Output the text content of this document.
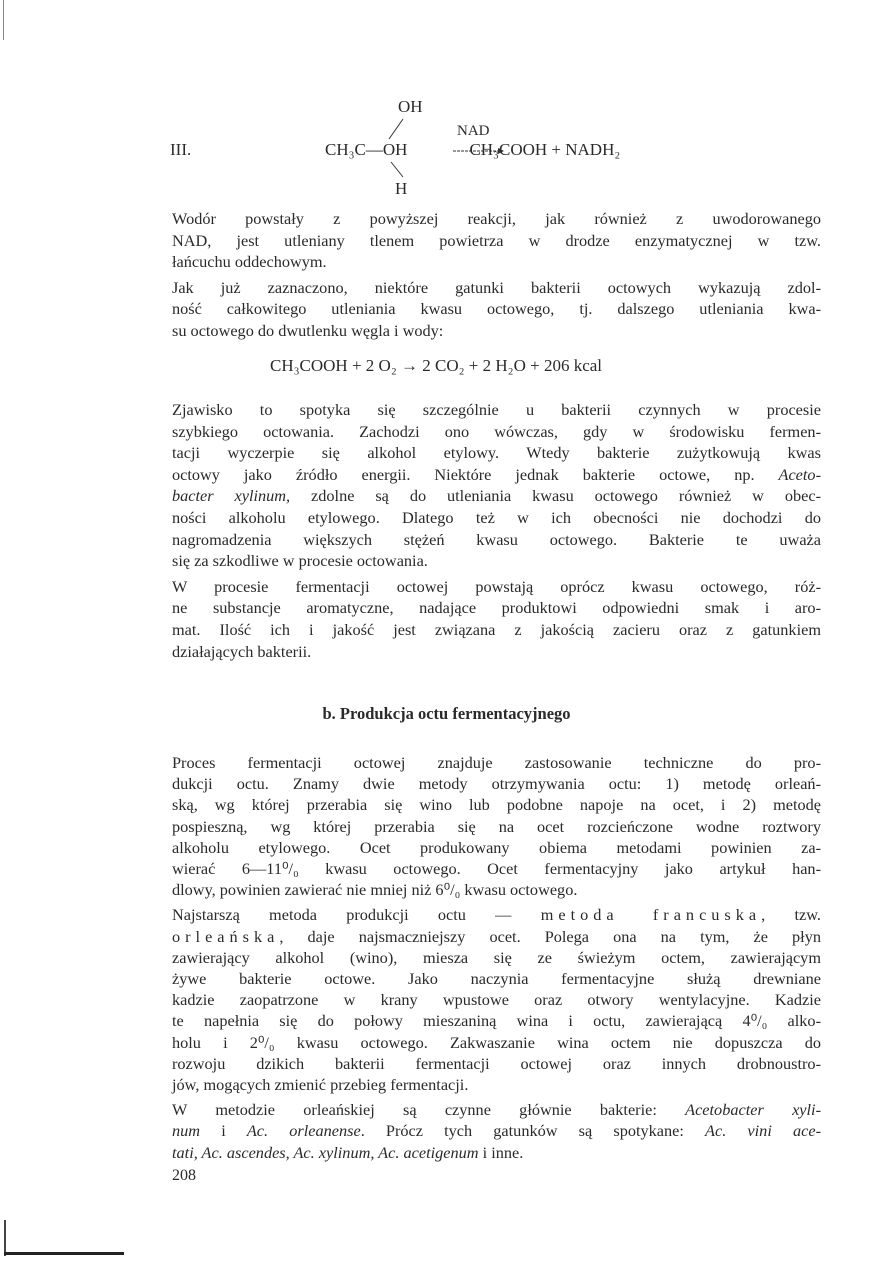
III.
OH
H
CH₃C—OH	CH₃COOH + NADH₂
NAD
Wodór powstały z powyższej reakcji, jak również z uwodorowanego
NAD, jest utleniany tlenem powietrza w drodze enzymatycznej w tzw.
łańcuchu oddechowym.
Jak już zaznaczono, niektóre gatunki bakterii octowych wykazują zdol-
ność całkowitego utleniania kwasu octowego, tj. dalszego utleniania kwa-
su octowego do dwutlenku węgla i wody:
CH₃COOH + 2 O₂ → 2 CO₂ + 2 H₂O + 206 kcal
Zjawisko to spotyka się szczególnie u bakterii czynnych w procesie
szybkiego octowania. Zachodzi ono wówczas, gdy w środowisku fermen-
tacji wyczerpie się alkohol etylowy. Wtedy bakterie zużytkowują kwas
octowy jako źródło energii. Niektóre jednak bakterie octowe, np. Aceto-
bacter xylinum, zdolne są do utleniania kwasu octowego również w obec-
ności alkoholu etylowego. Dlatego też w ich obecności nie dochodzi do
nagromadzenia większych stężeń kwasu octowego. Bakterie te uważa
się za szkodliwe w procesie octowania.
W procesie fermentacji octowej powstają oprócz kwasu octowego, róż-
ne substancje aromatyczne, nadające produktowi odpowiedni smak i aro-
mat. Ilość ich i jakość jest związana z jakością zacieru oraz z gatunkiem
działających bakterii.
b. Produkcja octu fermentacyjnego
Proces fermentacji octowej znajduje zastosowanie techniczne do pro-
dukcji octu. Znamy dwie metody otrzymywania octu: 1) metodę orleań-
ską, wg której przerabia się wino lub podobne napoje na ocet, i 2) metodę
pospieszną, wg której przerabia się na ocet rozcieńczone wodne roztwory
alkoholu etylowego. Ocet produkowany obiema metodami powinien za-
wierać 6—11⁰/₀ kwasu octowego. Ocet fermentacyjny jako artykuł han-
dlowy, powinien zawierać nie mniej niż 6⁰/₀ kwasu octowego.
Najstarszą metoda produkcji octu — metoda francuska, tzw.
orleańska, daje najsmaczniejszy ocet. Polega ona na tym, że płyn
zawierający alkohol (wino), miesza się ze świeżym octem, zawierającym
żywe bakterie octowe. Jako naczynia fermentacyjne służą drewniane
kadzie zaopatrzone w krany wpustowe oraz otwory wentylacyjne. Kadzie
te napełnia się do połowy mieszaniną wina i octu, zawierającą 4⁰/₀ alko-
holu i 2⁰/₀ kwasu octowego. Zakwaszanie wina octem nie dopuszcza do
rozwoju dzikich bakterii fermentacji octowej oraz innych drobnoustro-
jów, mogących zmienić przebieg fermentacji.
W metodzie orleańskiej są czynne głównie bakterie: Acetobacter xyli-
num i Ac. orleanense. Prócz tych gatunków są spotykane: Ac. vini ace-
tati, Ac. ascendes, Ac. xylinum, Ac. acetigenum i inne.
208
